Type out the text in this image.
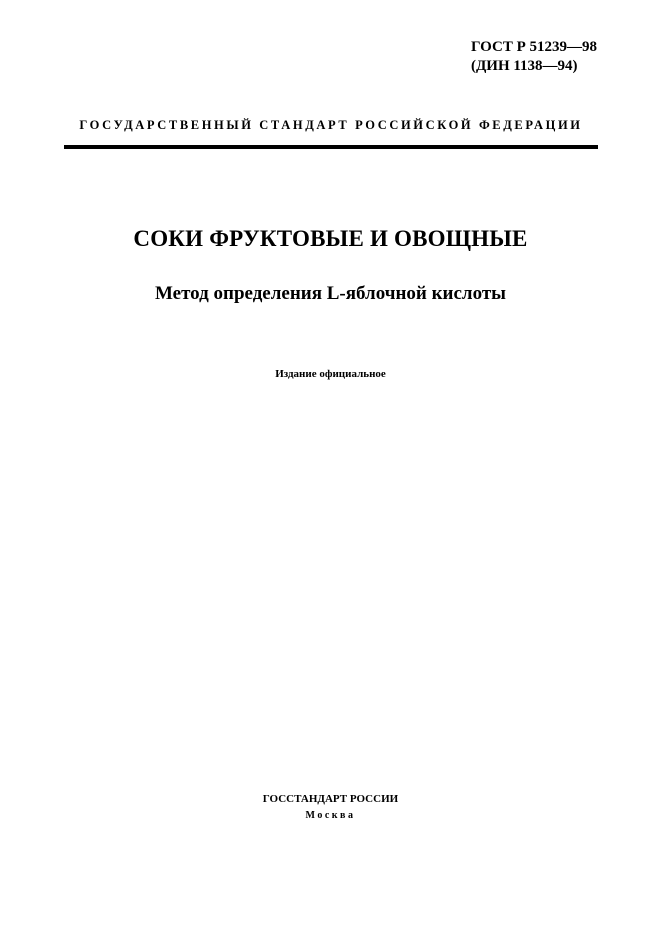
ГОСТ Р 51239—98
(ДИН 1138—94)
ГОСУДАРСТВЕННЫЙ СТАНДАРТ РОССИЙСКОЙ ФЕДЕРАЦИИ
СОКИ ФРУКТОВЫЕ И ОВОЩНЫЕ
Метод определения L-яблочной кислоты
Издание официальное
ГОССТАНДАРТ РОССИИ
Москва
